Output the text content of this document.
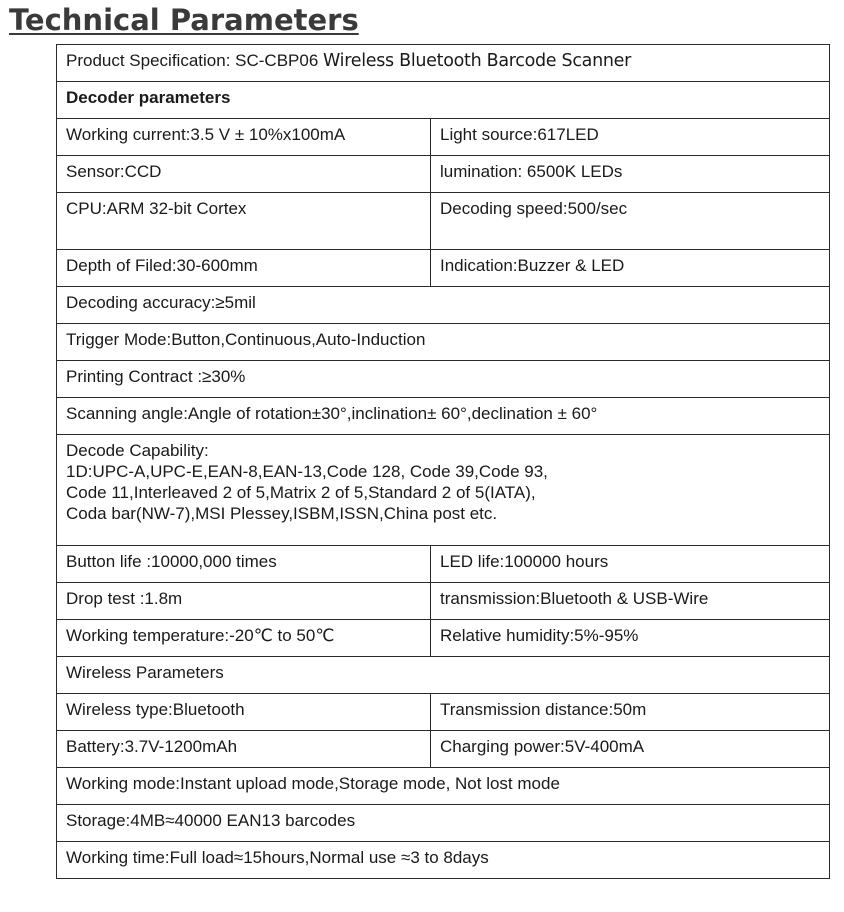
Technical Parameters
Product Specification: SC-CBP06 Wireless Bluetooth Barcode Scanner	
Decoder parameters	
Working current:3.5 V ± 10%x100mA	Light source:617LED
Sensor:CCD	lumination: 6500K LEDs
CPU:ARM 32-bit Cortex	Decoding speed:500/sec
Depth of Filed:30-600mm	Indication:Buzzer & LED
Decoding accuracy:≥5mil	
Trigger Mode:Button,Continuous,Auto-Induction	
Printing Contract :≥30%	
Scanning angle:Angle of rotation±30°,inclination± 60°,declination ± 60°	

Decode Capability:
1D:UPC-A,UPC-E,EAN-8,EAN-13,Code 128, Code 39,Code 93,
Code 11,Interleaved 2 of 5,Matrix 2 of 5,Standard 2 of 5(IATA),
Coda bar(NW-7),MSI Plessey,ISBM,ISSN,China post etc.	

Button life :10000,000 times	LED life:100000 hours
Drop test :1.8m	transmission:Bluetooth & USB-Wire
Working temperature:-20℃ to 50℃	Relative humidity:5%-95%
Wireless Parameters	
Wireless type:Bluetooth	Transmission distance:50m
Battery:3.7V-1200mAh	Charging power:5V-400mA
Working mode:Instant upload mode,Storage mode, Not lost mode	
Storage:4MB≈40000 EAN13 barcodes	
Working time:Full load≈15hours,Normal use ≈3 to 8days	
